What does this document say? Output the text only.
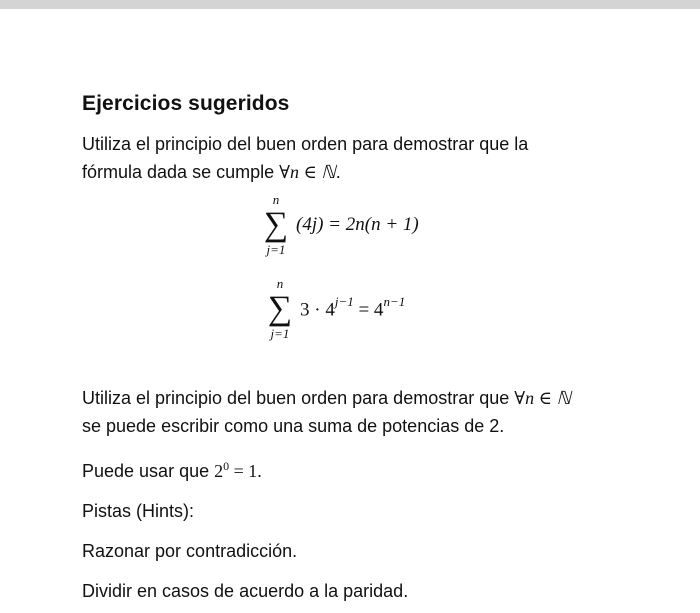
Ejercicios sugeridos

Utiliza el principio del buen orden para demostrar que la

fórmula dada se cumple ∀n ∈ ℕ.

n
∑
j=1
(4j) = 2n(n + 1)
n
∑
j=1
$3 \cdot 4^{j-1} = 4^{n-1}$

Utiliza el principio del buen orden para demostrar que ∀n ∈ ℕ

se puede escribir como una suma de potencias de 2.

Puede usar que $2^0 = 1$.

Pistas (Hints):

Razonar por contradicción.

Dividir en casos de acuerdo a la paridad.
